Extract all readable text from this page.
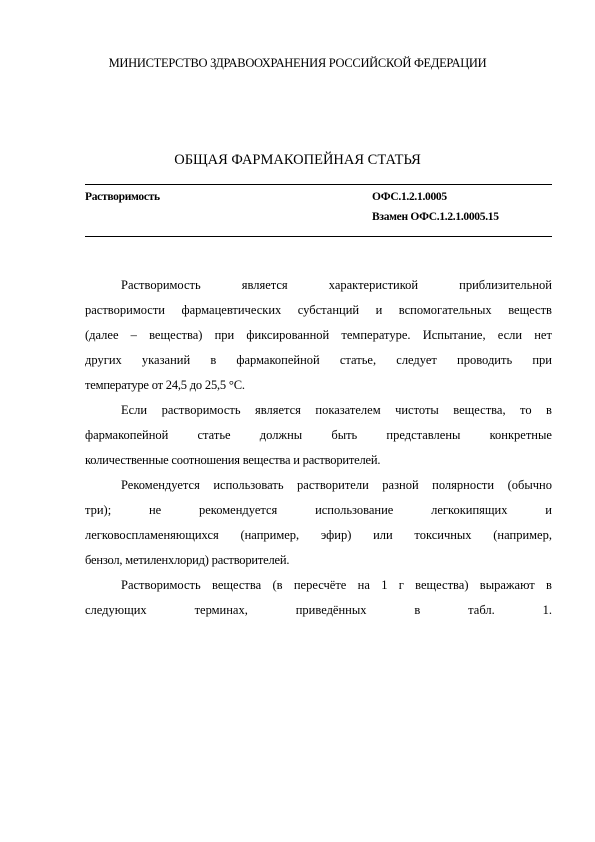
МИНИСТЕРСТВО ЗДРАВООХРАНЕНИЯ РОССИЙСКОЙ ФЕДЕРАЦИИ
ОБЩАЯ ФАРМАКОПЕЙНАЯ СТАТЬЯ
Растворимость	ОФС.1.2.1.0005
Взамен ОФС.1.2.1.0005.15
Растворимость	является	характеристикой	приблизительной
растворимости фармацевтических субстанций и вспомогательных веществ
(далее – вещества) при фиксированной температуре. Испытание, если нет
других указаний в фармакопейной статье, следует проводить при
температуре от 24,5 до 25,5 °С.
Если растворимость является показателем чистоты вещества, то в
фармакопейной статье должны быть представлены конкретные
количественные соотношения вещества и растворителей.
Рекомендуется использовать растворители разной полярности (обычно
три);	не	рекомендуется	использование	легкокипящих	и
легковоспламеняющихся (например, эфир) или токсичных (например,
бензол, метиленхлорид) растворителей.
Растворимость вещества (в пересчёте на 1 г вещества) выражают в
следующих	терминах,	приведённых	в	табл.	1.
